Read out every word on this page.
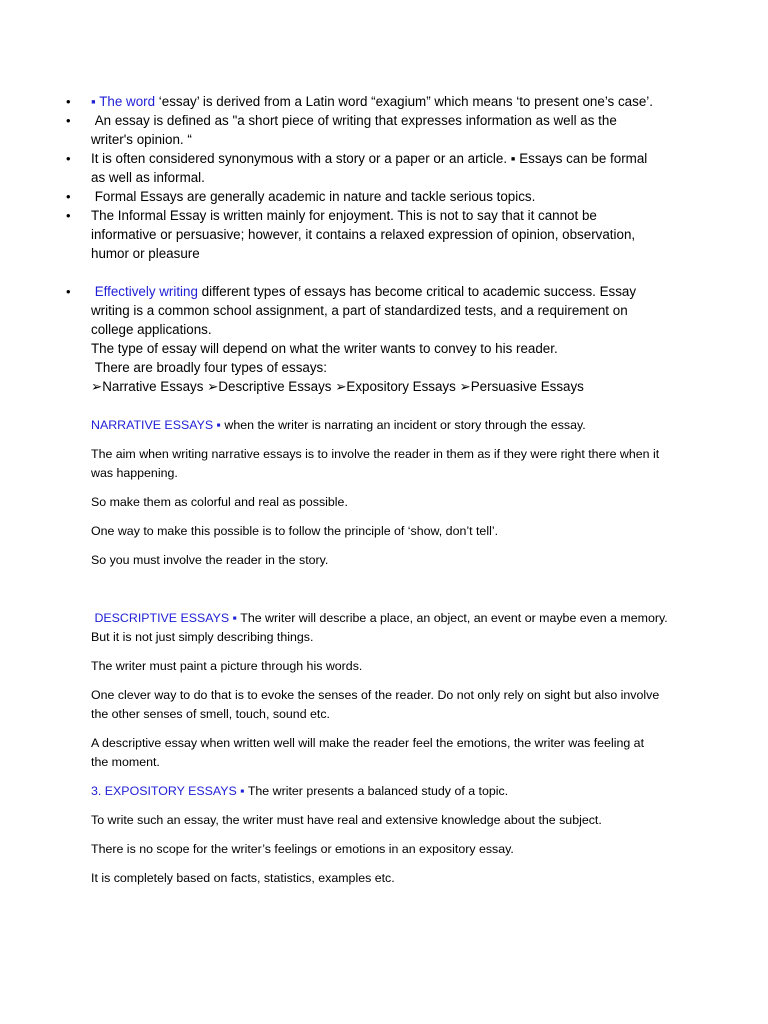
• ▪ The word ‘essay’ is derived from a Latin word “exagium” which means ‘to present one’s case’.
• An essay is defined as "a short piece of writing that expresses information as well as the
writer's opinion. “
• It is often considered synonymous with a story or a paper or an article. ▪ Essays can be formal
as well as informal.
• Formal Essays are generally academic in nature and tackle serious topics.
• The Informal Essay is written mainly for enjoyment. This is not to say that it cannot be
informative or persuasive; however, it contains a relaxed expression of opinion, observation,
humor or pleasure
• Effectively writing different types of essays has become critical to academic success. Essay
writing is a common school assignment, a part of standardized tests, and a requirement on
college applications.
The type of essay will depend on what the writer wants to convey to his reader.
There are broadly four types of essays:
➢Narrative Essays ➢Descriptive Essays ➢Expository Essays ➢Persuasive Essays
NARRATIVE ESSAYS ▪ when the writer is narrating an incident or story through the essay.
The aim when writing narrative essays is to involve the reader in them as if they were right there when it
was happening.
So make them as colorful and real as possible.
One way to make this possible is to follow the principle of ‘show, don’t tell’.
So you must involve the reader in the story.
DESCRIPTIVE ESSAYS ▪ The writer will describe a place, an object, an event or maybe even a memory.
But it is not just simply describing things.
The writer must paint a picture through his words.
One clever way to do that is to evoke the senses of the reader. Do not only rely on sight but also involve
the other senses of smell, touch, sound etc.
A descriptive essay when written well will make the reader feel the emotions, the writer was feeling at
the moment.
3. EXPOSITORY ESSAYS ▪ The writer presents a balanced study of a topic.
To write such an essay, the writer must have real and extensive knowledge about the subject.
There is no scope for the writer’s feelings or emotions in an expository essay.
It is completely based on facts, statistics, examples etc.
